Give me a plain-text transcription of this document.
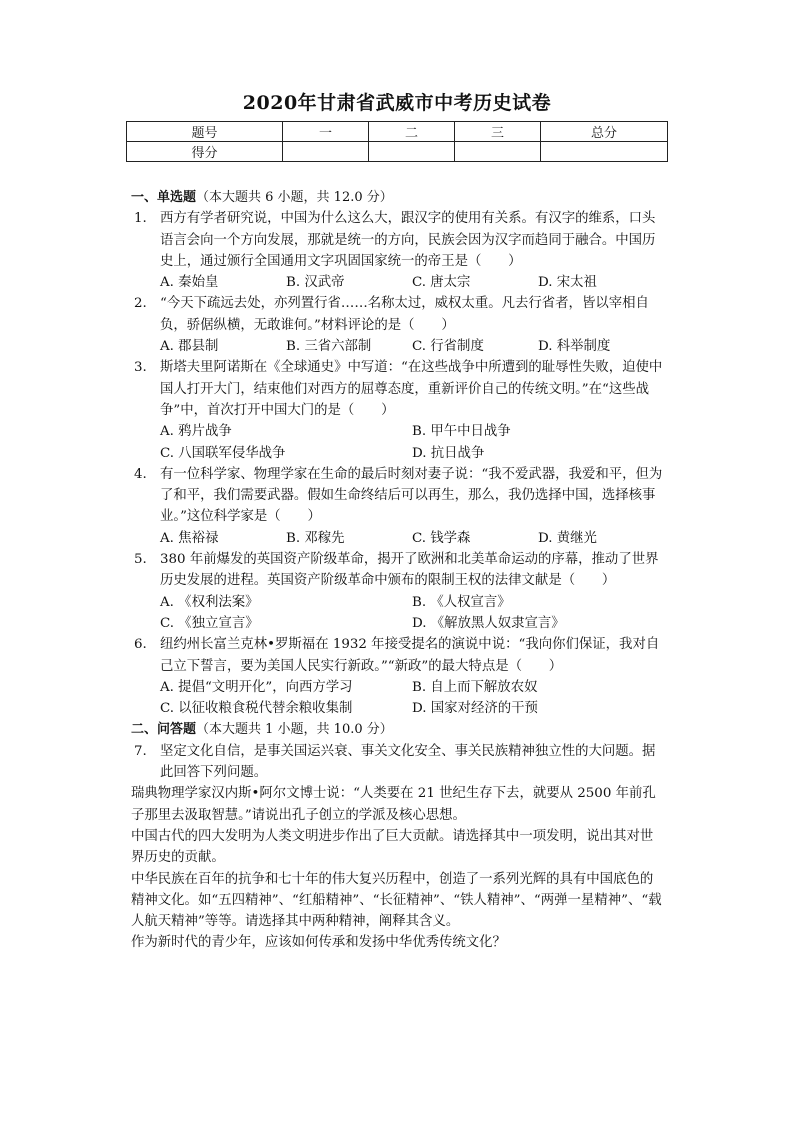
2020年甘肃省武威市中考历史试卷
题号	一	二	三	总分
得分				
一、单选题（本大题共 6 小题，共 12.0 分）
1. 西方有学者研究说，中国为什么这么大，跟汉字的使用有关系。有汉字的维系，口头语言会向一个方向发展，那就是统一的方向，民族会因为汉字而趋同于融合。中国历史上，通过颁行全国通用文字巩固国家统一的帝王是（　　）
A. 秦始皇	B. 汉武帝	C. 唐太宗	D. 宋太祖
2. “今天下疏远去处，亦列置行省……名称太过，威权太重。凡去行省者，皆以宰相自负，骄倨纵横，无敢谁何。”材料评论的是（　　）
A. 郡县制	B. 三省六部制	C. 行省制度	D. 科举制度
3. 斯塔夫里阿诺斯在《全球通史》中写道：“在这些战争中所遭到的耻辱性失败，迫使中国人打开大门，结束他们对西方的屈尊态度，重新评价自己的传统文明。”在“这些战争”中，首次打开中国大门的是（　　）
A. 鸦片战争	B. 甲午中日战争
C. 八国联军侵华战争	D. 抗日战争
4. 有一位科学家、物理学家在生命的最后时刻对妻子说：“我不爱武器，我爱和平，但为了和平，我们需要武器。假如生命终结后可以再生，那么，我仍选择中国，选择核事业。”这位科学家是（　　）
A. 焦裕禄	B. 邓稼先	C. 钱学森	D. 黄继光
5. 380 年前爆发的英国资产阶级革命，揭开了欧洲和北美革命运动的序幕，推动了世界历史发展的进程。英国资产阶级革命中颁布的限制王权的法律文献是（　　）
A. 《权利法案》	B. 《人权宣言》
C. 《独立宣言》	D. 《解放黑人奴隶宣言》
6. 纽约州长富兰克林•罗斯福在 1932 年接受提名的演说中说：“我向你们保证，我对自己立下誓言，要为美国人民实行新政。”“新政”的最大特点是（　　）
A. 提倡“文明开化”，向西方学习	B. 自上而下解放农奴
C. 以征收粮食税代替余粮收集制	D. 国家对经济的干预
二、问答题（本大题共 1 小题，共 10.0 分）
7. 坚定文化自信，是事关国运兴衰、事关文化安全、事关民族精神独立性的大问题。据此回答下列问题。

瑞典物理学家汉内斯•阿尔文博士说：“人类要在 21 世纪生存下去，就要从 2500 年前孔子那里去汲取智慧。”请说出孔子创立的学派及核心思想。

中国古代的四大发明为人类文明进步作出了巨大贡献。请选择其中一项发明，说出其对世界历史的贡献。

中华民族在百年的抗争和七十年的伟大复兴历程中，创造了一系列光辉的具有中国底色的精神文化。如“五四精神”、“红船精神”、“长征精神”、“铁人精神”、“两弹一星精神”、“载人航天精神”等等。请选择其中两种精神，阐释其含义。

作为新时代的青少年，应该如何传承和发扬中华优秀传统文化？
